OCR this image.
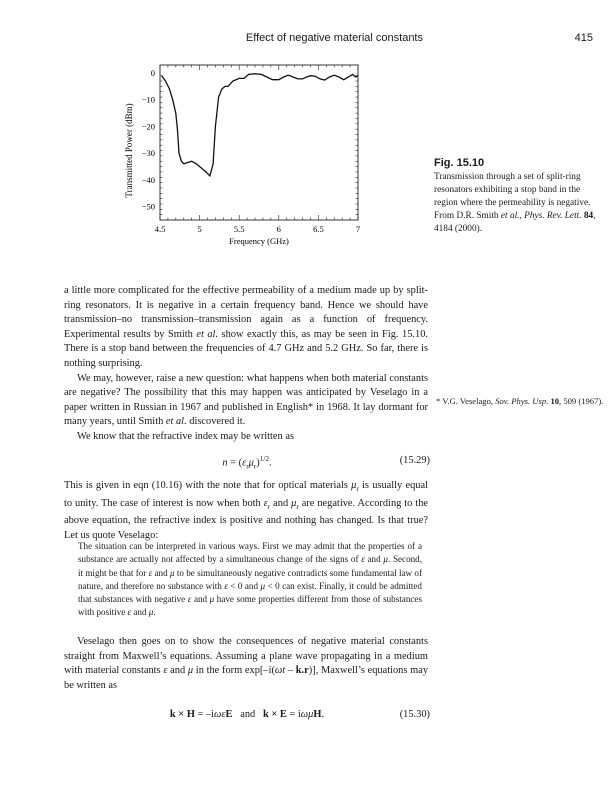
Effect of negative material constants	415
Transmitted Power (dBm)
Frequency (GHz)
4.5	5	5.5	6	6.5	7
0
−10
−20
−30
−40
−50
Fig. 15.10
Transmission through a set of split-ring resonators exhibiting a stop band in the region where the permeability is negative. From D.R. Smith et al., Phys. Rev. Lett. 84, 4184 (2000).

a little more complicated for the effective permeability of a medium made up by split-ring resonators. It is negative in a certain frequency band. Hence we should have transmission–no transmission–transmission again as a function of frequency. Experimental results by Smith et al. show exactly this, as may be seen in Fig. 15.10. There is a stop band between the frequencies of 4.7 GHz and 5.2 GHz. So far, there is nothing surprising.

We may, however, raise a new question: what happens when both material constants are negative? The possibility that this may happen was anticipated by Veselago in a paper written in Russian in 1967 and published in English* in 1968. It lay dormant for many years, until Smith et al. discovered it.

We know that the refractive index may be written as

$n = (\varepsilon_r\mu_r)^{1/2}$.	(15.29)

This is given in eqn (10.16) with the note that for optical materials $\mu_r$ is usually equal to unity. The case of interest is now when both $\varepsilon_r$ and $\mu_r$ are negative. According to the above equation, the refractive index is positive and nothing has changed. Is that true? Let us quote Veselago:

The situation can be interpreted in various ways. First we may admit that the properties of a substance are actually not affected by a simultaneous change of the signs of ε and μ. Second, it might be that for ε and μ to be simultaneously negative contradicts some fundamental law of nature, and therefore no substance with ε < 0 and μ < 0 can exist. Finally, it could be admitted that substances with negative ε and μ have some properties different from those of substances with positive ε and μ.

Veselago then goes on to show the consequences of negative material constants straight from Maxwell’s equations. Assuming a plane wave propagating in a medium with material constants ε and μ in the form exp[–i(ωt – k.r)], Maxwell’s equations may be written as

k × H = –iωεE   and   k × E = iωμH.	(15.30)
* V.G. Veselago, Sov. Phys. Usp. 10, 509 (1967).
